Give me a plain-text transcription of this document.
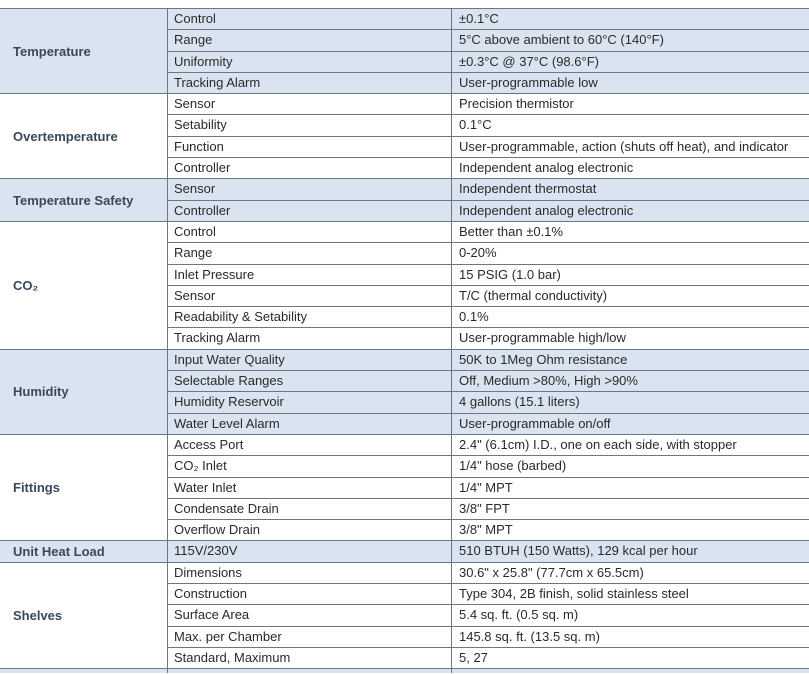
Temperature
Control	±0.1°C
Range	5°C above ambient to 60°C (140°F)
Uniformity	±0.3°C @ 37°C (98.6°F)
Tracking Alarm	User-programmable low
Overtemperature
Sensor	Precision thermistor
Setability	0.1°C
Function	User-programmable, action (shuts off heat), and indicator
Controller	Independent analog electronic
Temperature Safety
Sensor	Independent thermostat
Controller	Independent analog electronic
CO₂
Control	Better than ±0.1%
Range	0-20%
Inlet Pressure	15 PSIG (1.0 bar)
Sensor	T/C (thermal conductivity)
Readability & Setability	0.1%
Tracking Alarm	User-programmable high/low
Humidity
Input Water Quality	50K to 1Meg Ohm resistance
Selectable Ranges	Off, Medium >80%, High >90%
Humidity Reservoir	4 gallons (15.1 liters)
Water Level Alarm	User-programmable on/off
Fittings
Access Port	2.4" (6.1cm) I.D., one on each side, with stopper
CO₂ Inlet	1/4" hose (barbed)
Water Inlet	1/4" MPT
Condensate Drain	3/8" FPT
Overflow Drain	3/8" MPT
Unit Heat Load	115V/230V	510 BTUH (150 Watts), 129 kcal per hour
Shelves
Dimensions	30.6" x 25.8" (77.7cm x 65.5cm)
Construction	Type 304, 2B finish, solid stainless steel
Surface Area	5.4 sq. ft. (0.5 sq. m)
Max. per Chamber	145.8 sq. ft. (13.5 sq. m)
Standard, Maximum	5, 27
